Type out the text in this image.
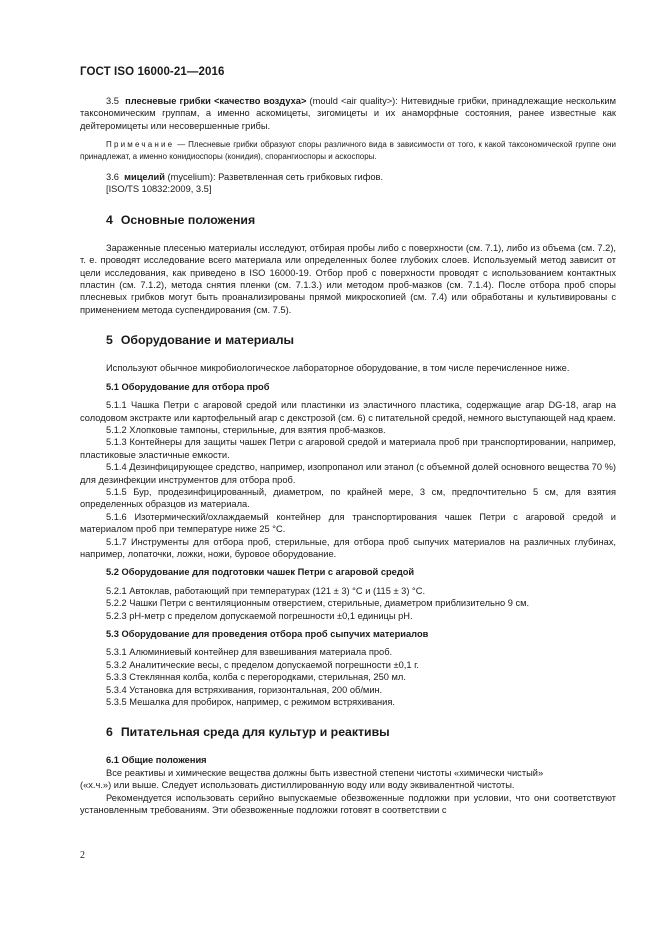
ГОСТ ISO 16000-21—2016

3.5 плесневые грибки <качество воздуха> (mould <air quality>): Нитевидные грибки, принадлежащие нескольким таксономическим группам, а именно аскомицеты, зигомицеты и их анаморфные состояния, ранее известные как дейтеромицеты или несовершенные грибы.

Примечание — Плесневые грибки образуют споры различного вида в зависимости от того, к какой таксономической группе они принадлежат, а именно конидиоспоры (конидия), спорангиоспоры и аскоспоры.

3.6 мицелий (mycelium): Разветвленная сеть грибковых гифов.

[ISO/TS 10832:2009, 3.5]

4 Основные положения

Зараженные плесенью материалы исследуют, отбирая пробы либо с поверхности (см. 7.1), либо из объема (см. 7.2), т. е. проводят исследование всего материала или определенных более глубоких слоев. Используемый метод зависит от цели исследования, как приведено в ISO 16000-19. Отбор проб с поверхности проводят с использованием контактных пластин (см. 7.1.2), метода снятия пленки (см. 7.1.3.) или методом проб-мазков (см. 7.1.4). После отбора проб споры плесневых грибков могут быть проанализированы прямой микроскопией (см. 7.4) или обработаны и культивированы с применением метода суспендирования (см. 7.5).

5 Оборудование и материалы

Используют обычное микробиологическое лабораторное оборудование, в том числе перечисленное ниже.

5.1 Оборудование для отбора проб

5.1.1 Чашка Петри с агаровой средой или пластинки из эластичного пластика, содержащие агар DG-18, агар на солодовом экстракте или картофельный агар с декстрозой (см. 6) с питательной средой, немного выступающей над краем.

5.1.2 Хлопковые тампоны, стерильные, для взятия проб-мазков.

5.1.3 Контейнеры для защиты чашек Петри с агаровой средой и материала проб при транспортировании, например, пластиковые эластичные емкости.

5.1.4 Дезинфицирующее средство, например, изопропанол или этанол (с объемной долей основного вещества 70 %) для дезинфекции инструментов для отбора проб.

5.1.5 Бур, продезинфицированный, диаметром, по крайней мере, 3 см, предпочтительно 5 см, для взятия определенных образцов из материала.

5.1.6 Изотермический/охлаждаемый контейнер для транспортирования чашек Петри с агаровой средой и материалом проб при температуре ниже 25 °С.

5.1.7 Инструменты для отбора проб, стерильные, для отбора проб сыпучих материалов на различных глубинах, например, лопаточки, ложки, ножи, буровое оборудование.

5.2 Оборудование для подготовки чашек Петри с агаровой средой

5.2.1 Автоклав, работающий при температурах (121 ± 3) °С и (115 ± 3) °С.

5.2.2 Чашки Петри с вентиляционным отверстием, стерильные, диаметром приблизительно 9 см.

5.2.3 рН-метр с пределом допускаемой погрешности ±0,1 единицы рН.

5.3 Оборудование для проведения отбора проб сыпучих материалов

5.3.1 Алюминиевый контейнер для взвешивания материала проб.

5.3.2 Аналитические весы, с пределом допускаемой погрешности ±0,1 г.

5.3.3 Стеклянная колба, колба с перегородками, стерильная, 250 мл.

5.3.4 Установка для встряхивания, горизонтальная, 200 об/мин.

5.3.5 Мешалка для пробирок, например, с режимом встряхивания.

6 Питательная среда для культур и реактивы

6.1 Общие положения

Все реактивы и химические вещества должны быть известной степени чистоты «химически чистый»

(«х.ч.») или выше. Следует использовать дистиллированную воду или воду эквивалентной чистоты.

Рекомендуется использовать серийно выпускаемые обезвоженные подложки при условии, что они соответствуют установленным требованиям. Эти обезвоженные подложки готовят в соответствии с

2
